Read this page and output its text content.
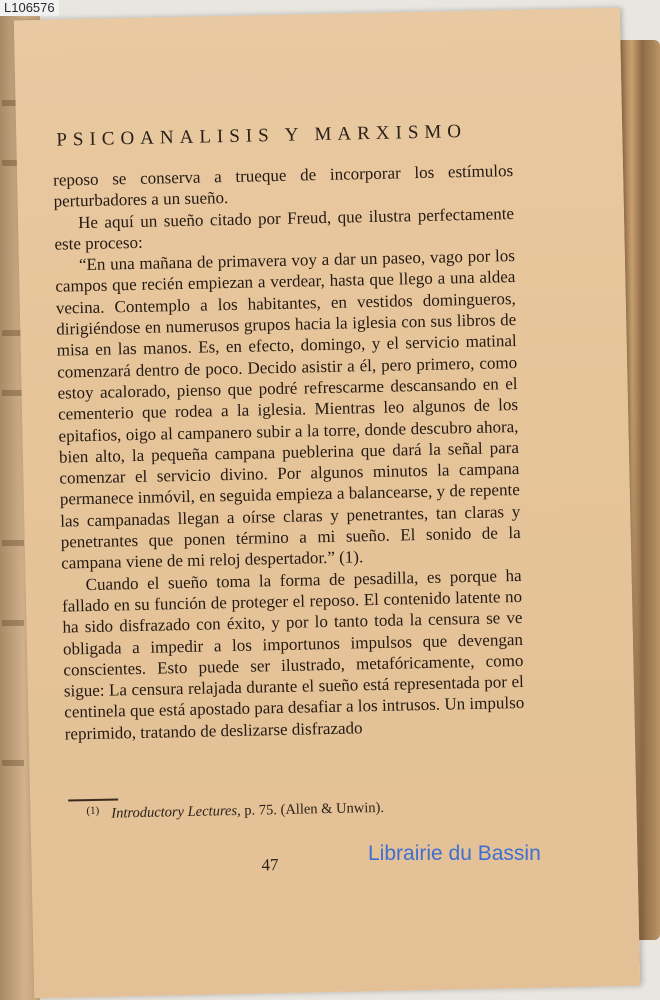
L106576
PSICOANALISIS Y MARXISMO

reposo se conserva a trueque de incorporar los estímulos perturbadores a un sueño.

He aquí un sueño citado por Freud, que ilustra perfectamente este proceso:

“En una mañana de primavera voy a dar un paseo, vago por los campos que recién empiezan a verdear, hasta que llego a una aldea vecina. Contemplo a los habitantes, en vestidos domingueros, dirigiéndose en numerusos grupos hacia la iglesia con sus libros de misa en las manos. Es, en efecto, domingo, y el servicio matinal comenzará dentro de poco. Decido asistir a él, pero primero, como estoy acalorado, pienso que podré refrescarme descansando en el cementerio que rodea a la iglesia. Mientras leo algunos de los epitafios, oigo al campanero subir a la torre, donde descubro ahora, bien alto, la pequeña campana pueblerina que dará la señal para comenzar el servicio divino. Por algunos minutos la campana permanece inmóvil, en seguida empieza a balancearse, y de repente las campanadas llegan a oírse claras y penetrantes, tan claras y penetrantes que ponen término a mi sueño. El sonido de la campana viene de mi reloj despertador.” (1).

Cuando el sueño toma la forma de pesadilla, es porque ha fallado en su función de proteger el reposo. El contenido latente no ha sido disfrazado con éxito, y por lo tanto toda la censura se ve obligada a impedir a los importunos impulsos que devengan conscientes. Esto puede ser ilustrado, metafóricamente, como sigue: La censura relajada durante el sueño está representada por el centinela que está apostado para desafiar a los intrusos. Un impulso reprimido, tratando de deslizarse disfrazado

$^{(1)}$ Introductory Lectures, p. 75. (Allen & Unwin).
47	Librairie du Bassin
